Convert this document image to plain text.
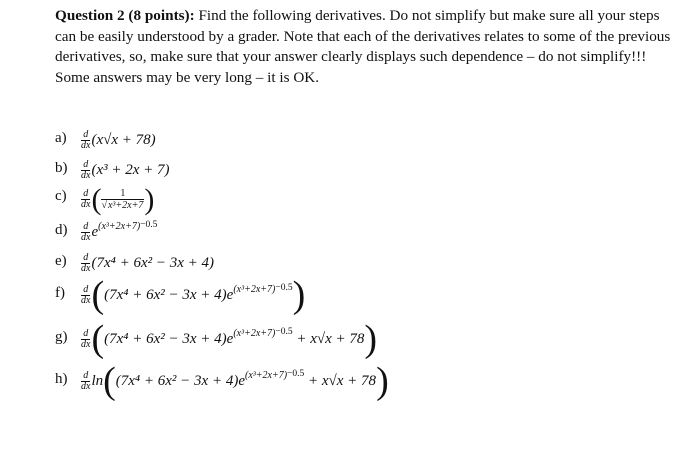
Question 2 (8 points): Find the following derivatives. Do not simplify but make sure all your steps can be easily understood by a grader. Note that each of the derivatives relates to some of the previous derivatives, so, make sure that your answer clearly displays such dependence – do not simplify!!! Some answers may be very long – it is OK.
$a) \frac{d}{dx} (x√x + 78)$
$b) \frac{d}{dx} (x^3 + 2x + 7)$
$c) \frac{d}{dx}$ ( $\frac{1}{\text{√x³+2x+7}}$ )
$d) \frac{d}{dx} e^{(x^3+2x+7)-0.5}$
$e) \frac{d}{dx} (7x^4 + 6x^2 - 3x + 4)$
$f) \frac{d}{dx} ((7x^4 + 6x^2 - 3x + 4)e^{(x^3+2x+7)-0.5})$
$g) \frac{d}{dx} ((7x^4 + 6x^2 - 3x + 4)e^{(x^3+2x+7)-0.5} + x√x + 78)$
$h) \frac{d}{dx} \ln((7x^4 + 6x^2 - 3x + 4)e^{(x^3+2x+7)-0.5} + x√x + 78)$
